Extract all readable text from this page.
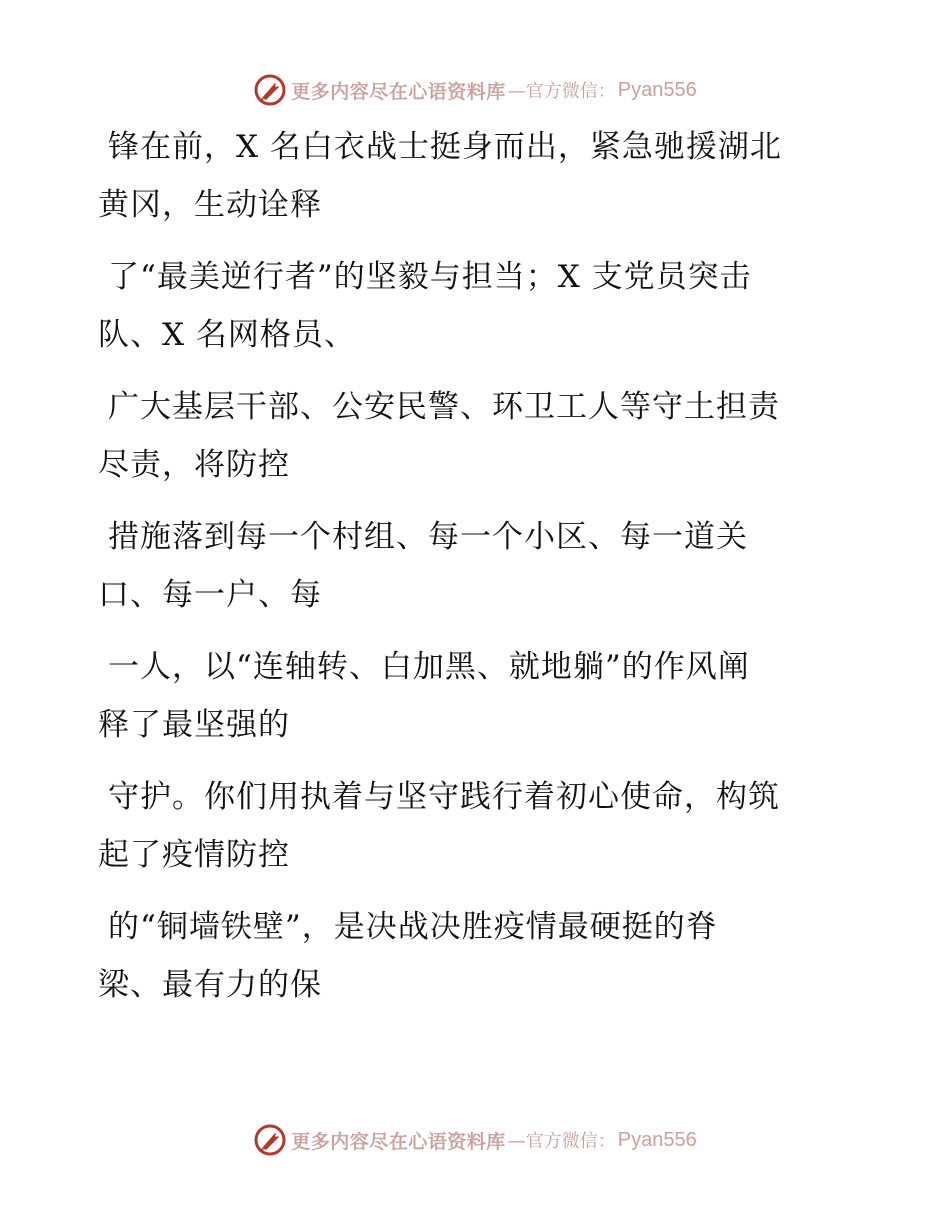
更多内容尽在心语资料库 —官方微信： Pyan556
锋在前，X 名白衣战士挺身而出，紧急驰援湖北
黄冈，生动诠释
了“最美逆行者”的坚毅与担当；X 支党员突击
队、X 名网格员、
广大基层干部、公安民警、环卫工人等守土担责
尽责，将防控
措施落到每一个村组、每一个小区、每一道关
口、每一户、每
一人，以“连轴转、白加黑、就地躺”的作风阐
释了最坚强的
守护。你们用执着与坚守践行着初心使命，构筑
起了疫情防控
的“铜墙铁壁”，是决战决胜疫情最硬挺的脊
梁、最有力的保
更多内容尽在心语资料库 —官方微信： Pyan556
